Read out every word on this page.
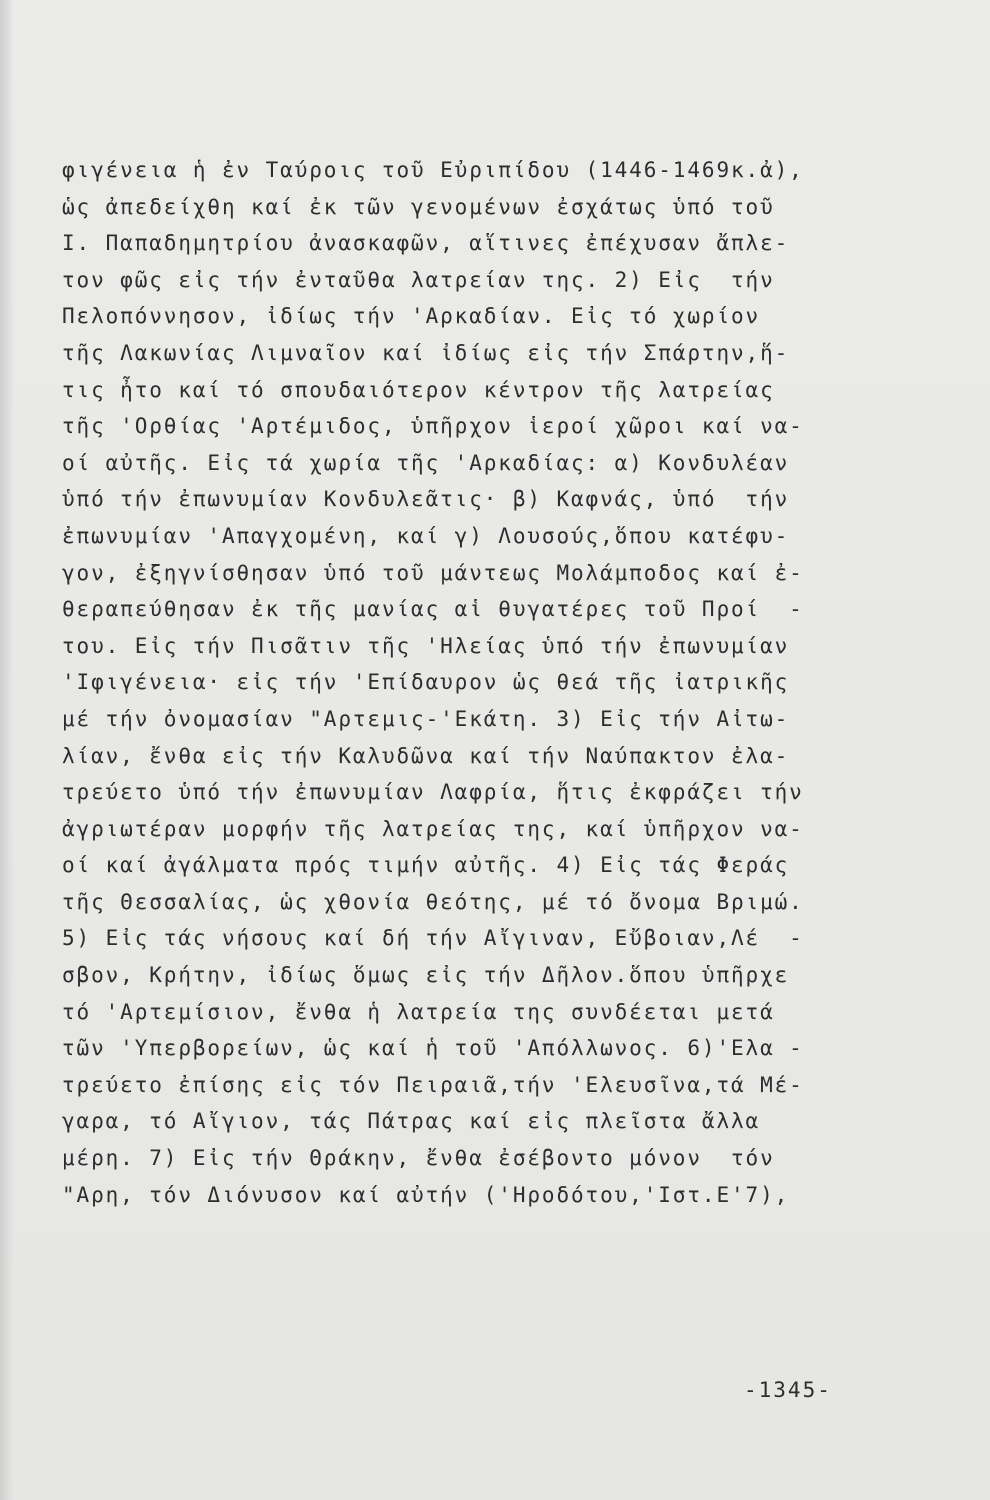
φιγένεια ἡ ἐν Ταύροις τοῦ Εὐριπίδου (1446-1469κ.ἀ),
ὡς ἀπεδείχθη καί ἐκ τῶν γενομένων ἐσχάτως ὑπό τοῦ
Ι. Παπαδημητρίου ἀνασκαφῶν, αἵτινες ἐπέχυσαν ἄπλε-
τον φῶς εἰς τήν ἐνταῦθα λατρείαν της. 2) Εἰς  τήν
Πελοπόννησον, ἰδίως τήν 'Αρκαδίαν. Εἰς τό χωρίον
τῆς Λακωνίας Λιμναῖον καί ἰδίως εἰς τήν Σπάρτην,ἥ-
τις ἦτο καί τό σπουδαιότερον κέντρον τῆς λατρείας
τῆς 'Ορθίας 'Αρτέμιδος, ὑπῆρχον ἱεροί χῶροι καί να-
οί αὐτῆς. Εἰς τά χωρία τῆς 'Αρκαδίας: α) Κονδυλέαν
ὑπό τήν ἐπωνυμίαν Κονδυλεᾶτις· β) Καφνάς, ὑπό  τήν
ἐπωνυμίαν 'Απαγχομένη, καί γ) Λουσούς,ὅπου κατέφυ-
γον, ἐξηγνίσθησαν ὑπό τοῦ μάντεως Μολάμποδος καί ἐ-
θεραπεύθησαν ἐκ τῆς μανίας αἱ θυγατέρες τοῦ Προί  -
του. Εἰς τήν Πισᾶτιν τῆς 'Ηλείας ὑπό τήν ἐπωνυμίαν
'Ιφιγένεια· εἰς τήν 'Επίδαυρον ὡς θεά τῆς ἰατρικῆς
μέ τήν ὀνομασίαν "Αρτεμις-'Εκάτη. 3) Εἰς τήν Αἰτω-
λίαν, ἔνθα εἰς τήν Καλυδῶνα καί τήν Ναύπακτον ἐλα-
τρεύετο ὑπό τήν ἐπωνυμίαν Λαφρία, ἥτις ἐκφράζει τήν
ἀγριωτέραν μορφήν τῆς λατρείας της, καί ὑπῆρχον να-
οί καί ἀγάλματα πρός τιμήν αὐτῆς. 4) Εἰς τάς Φεράς
τῆς Θεσσαλίας, ὡς χθονία θεότης, μέ τό ὄνομα Βριμώ.
5) Εἰς τάς νήσους καί δή τήν Αἴγιναν, Εὔβοιαν,Λέ  -
σβον, Κρήτην, ἰδίως ὅμως εἰς τήν Δῆλον.ὅπου ὑπῆρχε
τό 'Αρτεμίσιον, ἔνθα ἡ λατρεία της συνδέεται μετά
τῶν 'Υπερβορείων, ὡς καί ἡ τοῦ 'Απόλλωνος. 6)'Ελα -
τρεύετο ἐπίσης εἰς τόν Πειραιᾶ,τήν 'Ελευσῖνα,τά Μέ-
γαρα, τό Αἴγιον, τάς Πάτρας καί εἰς πλεῖστα ἄλλα
μέρη. 7) Εἰς τήν Θράκην, ἔνθα ἐσέβοντο μόνον  τόν
"Αρη, τόν Διόνυσον καί αὐτήν ('Ηροδότου,'Ιστ.Ε'7),
-1345-
